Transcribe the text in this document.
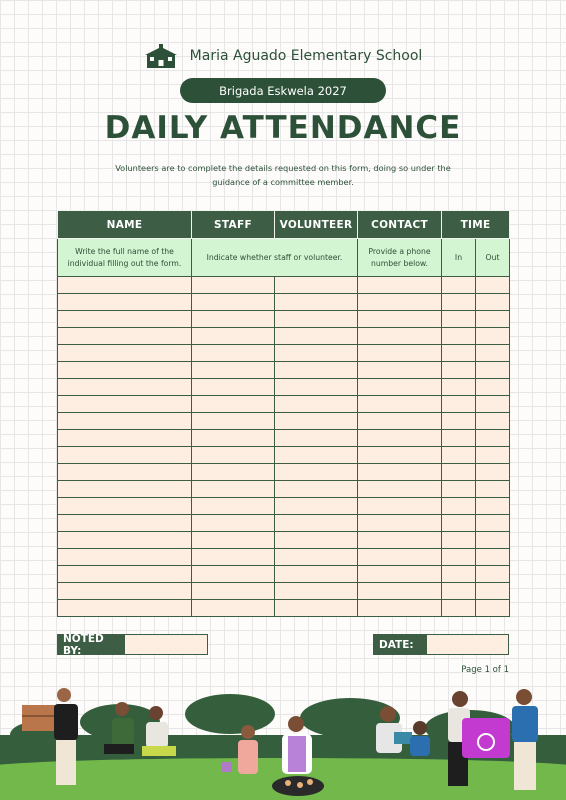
Maria Aguado Elementary School
Brigada Eskwela 2027
DAILY ATTENDANCE
Volunteers are to complete the details requested on this form, doing so under the guidance of a committee member.
NAME	STAFF	VOLUNTEER	CONTACT	TIME	
Write the full name of the individual filling out the form.	Indicate whether staff or volunteer.		Provide a phone number below.	In	Out

NOTED BY:	DATE:
Page 1 of 1
